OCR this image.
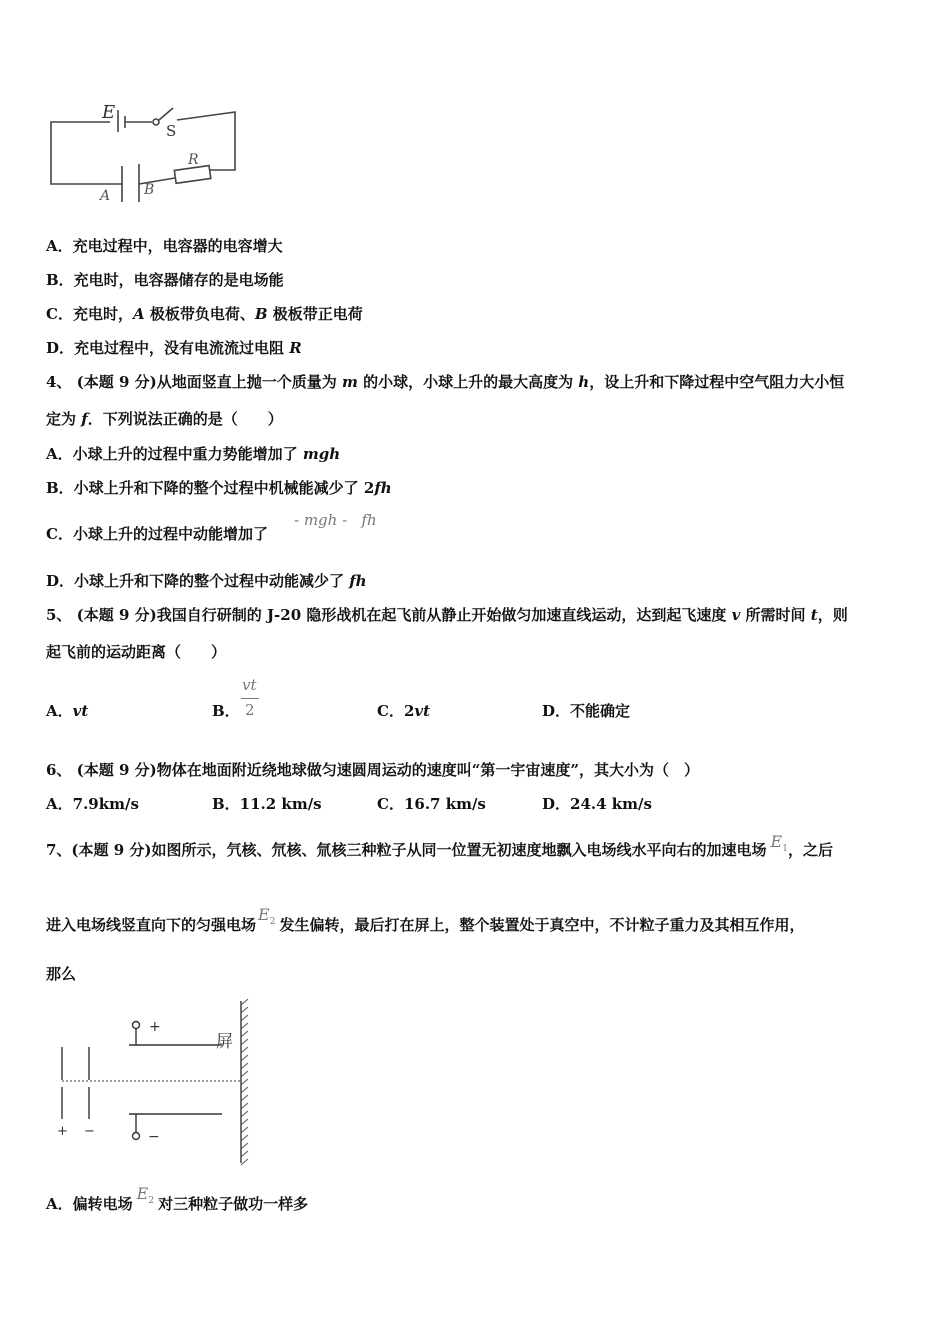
E
S
R
A B
A．充电过程中，电容器的电容增大
B．充电时，电容器储存的是电场能
C．充电时，A 极板带负电荷、B 极板带正电荷
D．充电过程中，没有电流流过电阻 R
4、 (本题 9 分)从地面竖直上抛一个质量为 m 的小球，小球上升的最大高度为 h，设上升和下降过程中空气阻力大小恒
定为 f．下列说法正确的是（　　）
A．小球上升的过程中重力势能增加了 mgh
B．小球上升和下降的整个过程中机械能减少了 2fh
C．小球上升的过程中动能增加了
- mgh -   fh
D．小球上升和下降的整个过程中动能减少了 fh
5、 (本题 9 分)我国自行研制的 J-20 隐形战机在起飞前从静止开始做匀加速直线运动，达到起飞速度 v 所需时间 t，则
起飞前的运动距离（　　）
A．vt	B．
vt
2	C．2vt	D．不能确定
6、 (本题 9 分)物体在地面附近绕地球做匀速圆周运动的速度叫“第一宇宙速度”，其大小为（　）
A．7.9km/s	B．11.2 km/s	C．16.7 km/s	D．24.4 km/s
7、(本题 9 分)如图所示，氕核、氘核、氚核三种粒子从同一位置无初速度地飘入电场线水平向右的加速电场 $E^1$，之后
进入电场线竖直向下的匀强电场$E^2$ 发生偏转，最后打在屏上，整个装置处于真空中，不计粒子重力及其相互作用，
那么
屏
+
−
+ −
A．偏转电场$E^2$ 对三种粒子做功一样多
